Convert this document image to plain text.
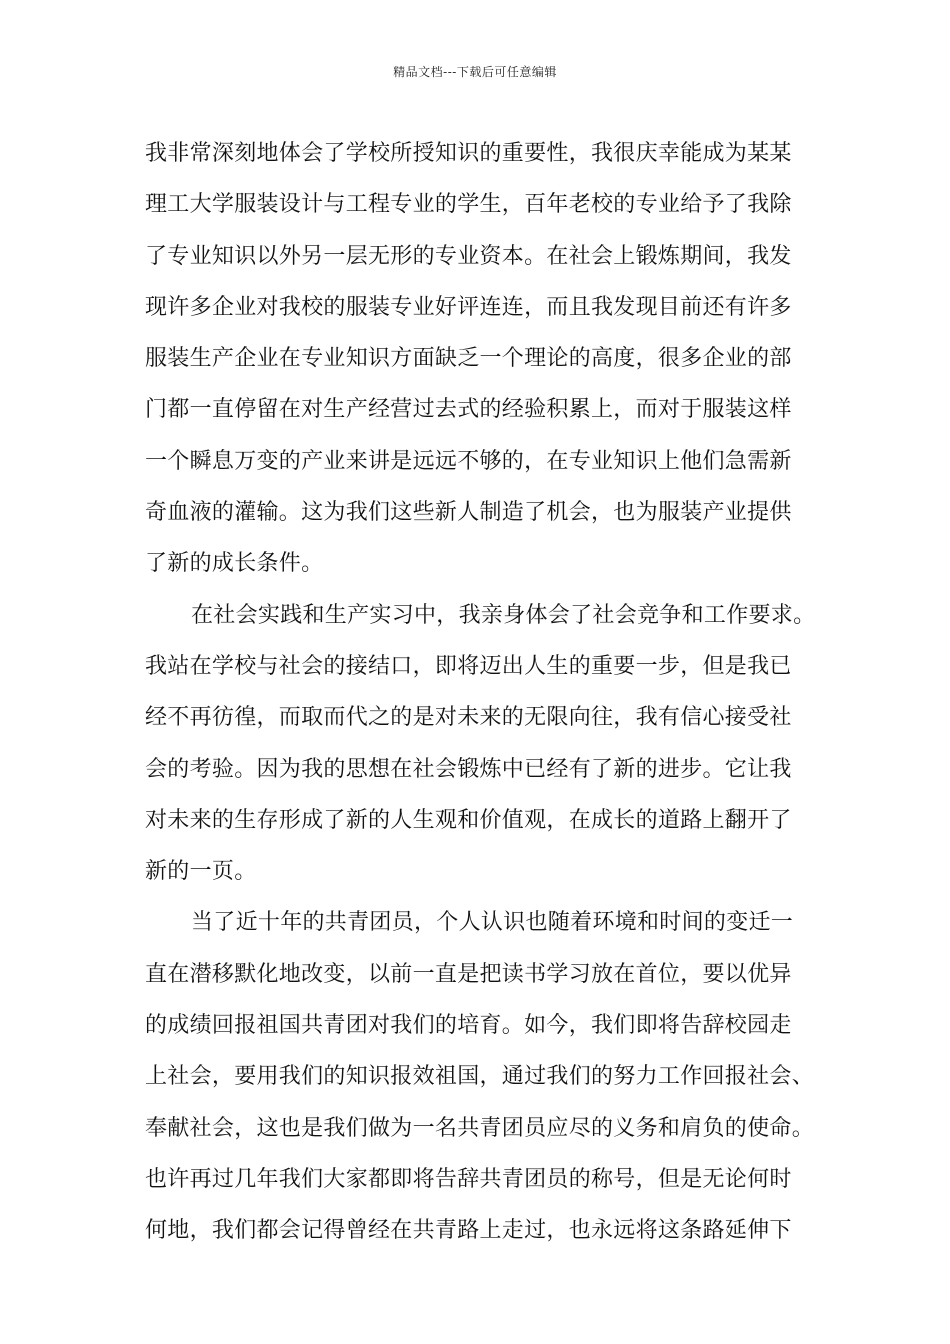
精品文档---下载后可任意编辑
我非常深刻地体会了学校所授知识的重要性，我很庆幸能成为某某
理工大学服装设计与工程专业的学生，百年老校的专业给予了我除
了专业知识以外另一层无形的专业资本。在社会上锻炼期间，我发
现许多企业对我校的服装专业好评连连，而且我发现目前还有许多
服装生产企业在专业知识方面缺乏一个理论的高度，很多企业的部
门都一直停留在对生产经营过去式的经验积累上，而对于服装这样
一个瞬息万变的产业来讲是远远不够的，在专业知识上他们急需新
奇血液的灌输。这为我们这些新人制造了机会，也为服装产业提供
了新的成长条件。
在社会实践和生产实习中，我亲身体会了社会竞争和工作要求。
我站在学校与社会的接结口，即将迈出人生的重要一步，但是我已
经不再彷徨，而取而代之的是对未来的无限向往，我有信心接受社
会的考验。因为我的思想在社会锻炼中已经有了新的进步。它让我
对未来的生存形成了新的人生观和价值观，在成长的道路上翻开了
新的一页。
当了近十年的共青团员，个人认识也随着环境和时间的变迁一
直在潜移默化地改变，以前一直是把读书学习放在首位，要以优异
的成绩回报祖国共青团对我们的培育。如今，我们即将告辞校园走
上社会，要用我们的知识报效祖国，通过我们的努力工作回报社会、
奉献社会，这也是我们做为一名共青团员应尽的义务和肩负的使命。
也许再过几年我们大家都即将告辞共青团员的称号，但是无论何时
何地，我们都会记得曾经在共青路上走过，也永远将这条路延伸下
